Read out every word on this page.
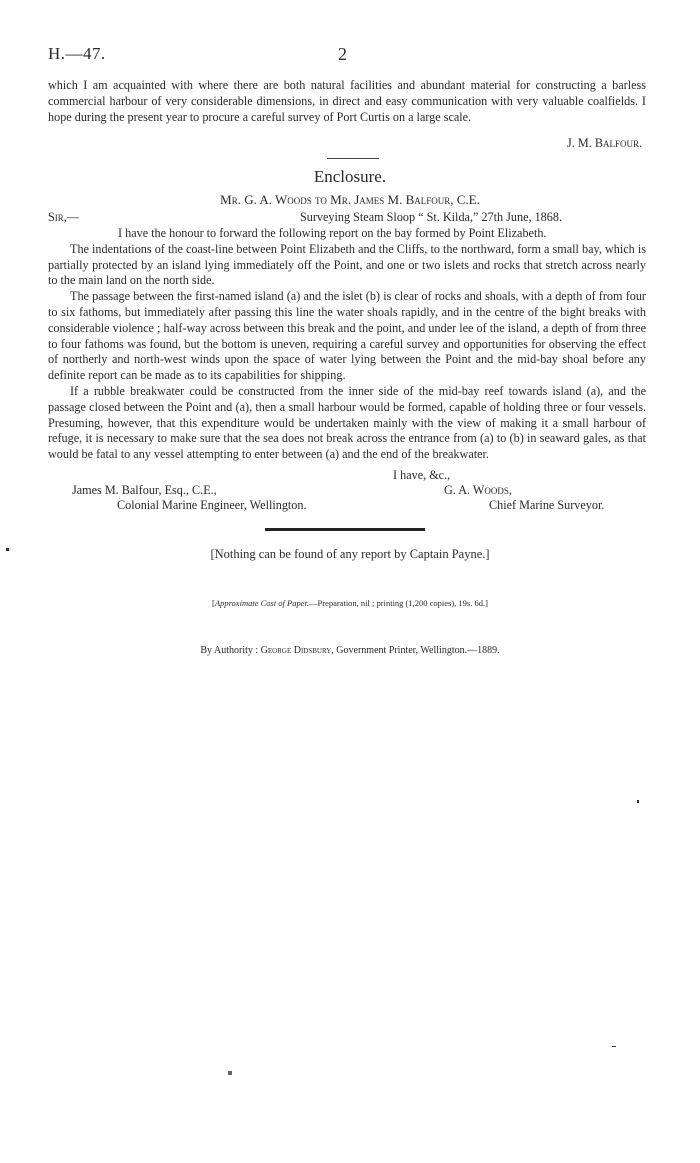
H.—47.	2

which I am acquainted with where there are both natural facilities and abundant material for constructing a barless commercial harbour of very considerable dimensions, in direct and easy communication with very valuable coalfields. I hope during the present year to procure a careful survey of Port Curtis on a large scale.

J. M. Balfour.
Enclosure.
Mr. G. A. Woods to Mr. James M. Balfour, C.E.
Sir,—	Surveying Steam Sloop “ St. Kilda,” 27th June, 1868.

I have the honour to forward the following report on the bay formed by Point Elizabeth.

The indentations of the coast-line between Point Elizabeth and the Cliffs, to the northward, form a small bay, which is partially protected by an island lying immediately off the Point, and one or two islets and rocks that stretch across nearly to the main land on the north side.

The passage between the first-named island (a) and the islet (b) is clear of rocks and shoals, with a depth of from four to six fathoms, but immediately after passing this line the water shoals rapidly, and in the centre of the bight breaks with considerable violence ; half-way across between this break and the point, and under lee of the island, a depth of from three to four fathoms was found, but the bottom is uneven, requiring a careful survey and opportunities for observing the effect of northerly and north-west winds upon the space of water lying between the Point and the mid-bay shoal before any definite report can be made as to its capabilities for shipping.

If a rubble breakwater could be constructed from the inner side of the mid-bay reef towards island (a), and the passage closed between the Point and (a), then a small harbour would be formed, capable of holding three or four vessels. Presuming, however, that this expenditure would be undertaken mainly with the view of making it a small harbour of refuge, it is necessary to make sure that the sea does not break across the entrance from (a) to (b) in seaward gales, as that would be fatal to any vessel attempting to enter between (a) and the end of the breakwater.

I have, &c.,
James M. Balfour, Esq., C.E.,
Colonial Marine Engineer, Wellington.
G. A. Woods,
Chief Marine Surveyor.
[Nothing can be found of any report by Captain Payne.]
[Approximate Cost of Paper.—Preparation, nil ; printing (1,200 copies), 19s. 6d.]
By Authority : George Didsbury, Government Printer, Wellington.—1889.
